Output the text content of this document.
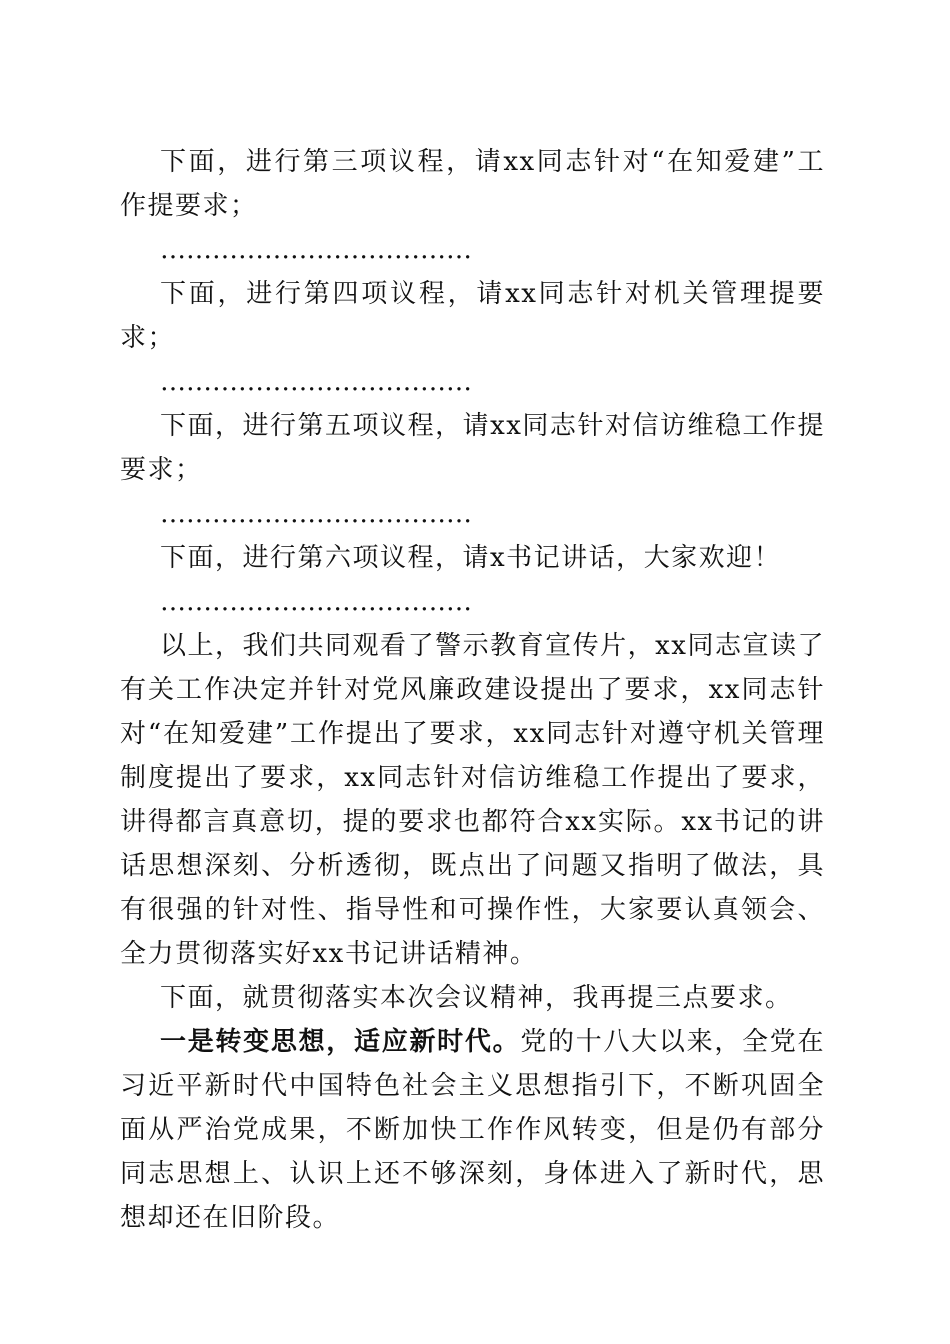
下面，进行第三项议程，请xx同志针对“在知爱建”工作提要求；

………………………………

下面，进行第四项议程，请xx同志针对机关管理提要求；

………………………………

下面，进行第五项议程，请xx同志针对信访维稳工作提要求；

………………………………

下面，进行第六项议程，请x书记讲话，大家欢迎！

………………………………

以上，我们共同观看了警示教育宣传片，xx同志宣读了有关工作决定并针对党风廉政建设提出了要求，xx同志针对“在知爱建”工作提出了要求，xx同志针对遵守机关管理制度提出了要求，xx同志针对信访维稳工作提出了要求，讲得都言真意切，提的要求也都符合xx实际。xx书记的讲话思想深刻、分析透彻，既点出了问题又指明了做法，具有很强的针对性、指导性和可操作性，大家要认真领会、全力贯彻落实好xx书记讲话精神。

下面，就贯彻落实本次会议精神，我再提三点要求。

一是转变思想，适应新时代。党的十八大以来，全党在习近平新时代中国特色社会主义思想指引下，不断巩固全面从严治党成果，不断加快工作作风转变，但是仍有部分同志思想上、认识上还不够深刻，身体进入了新时代，思想却还在旧阶段。
